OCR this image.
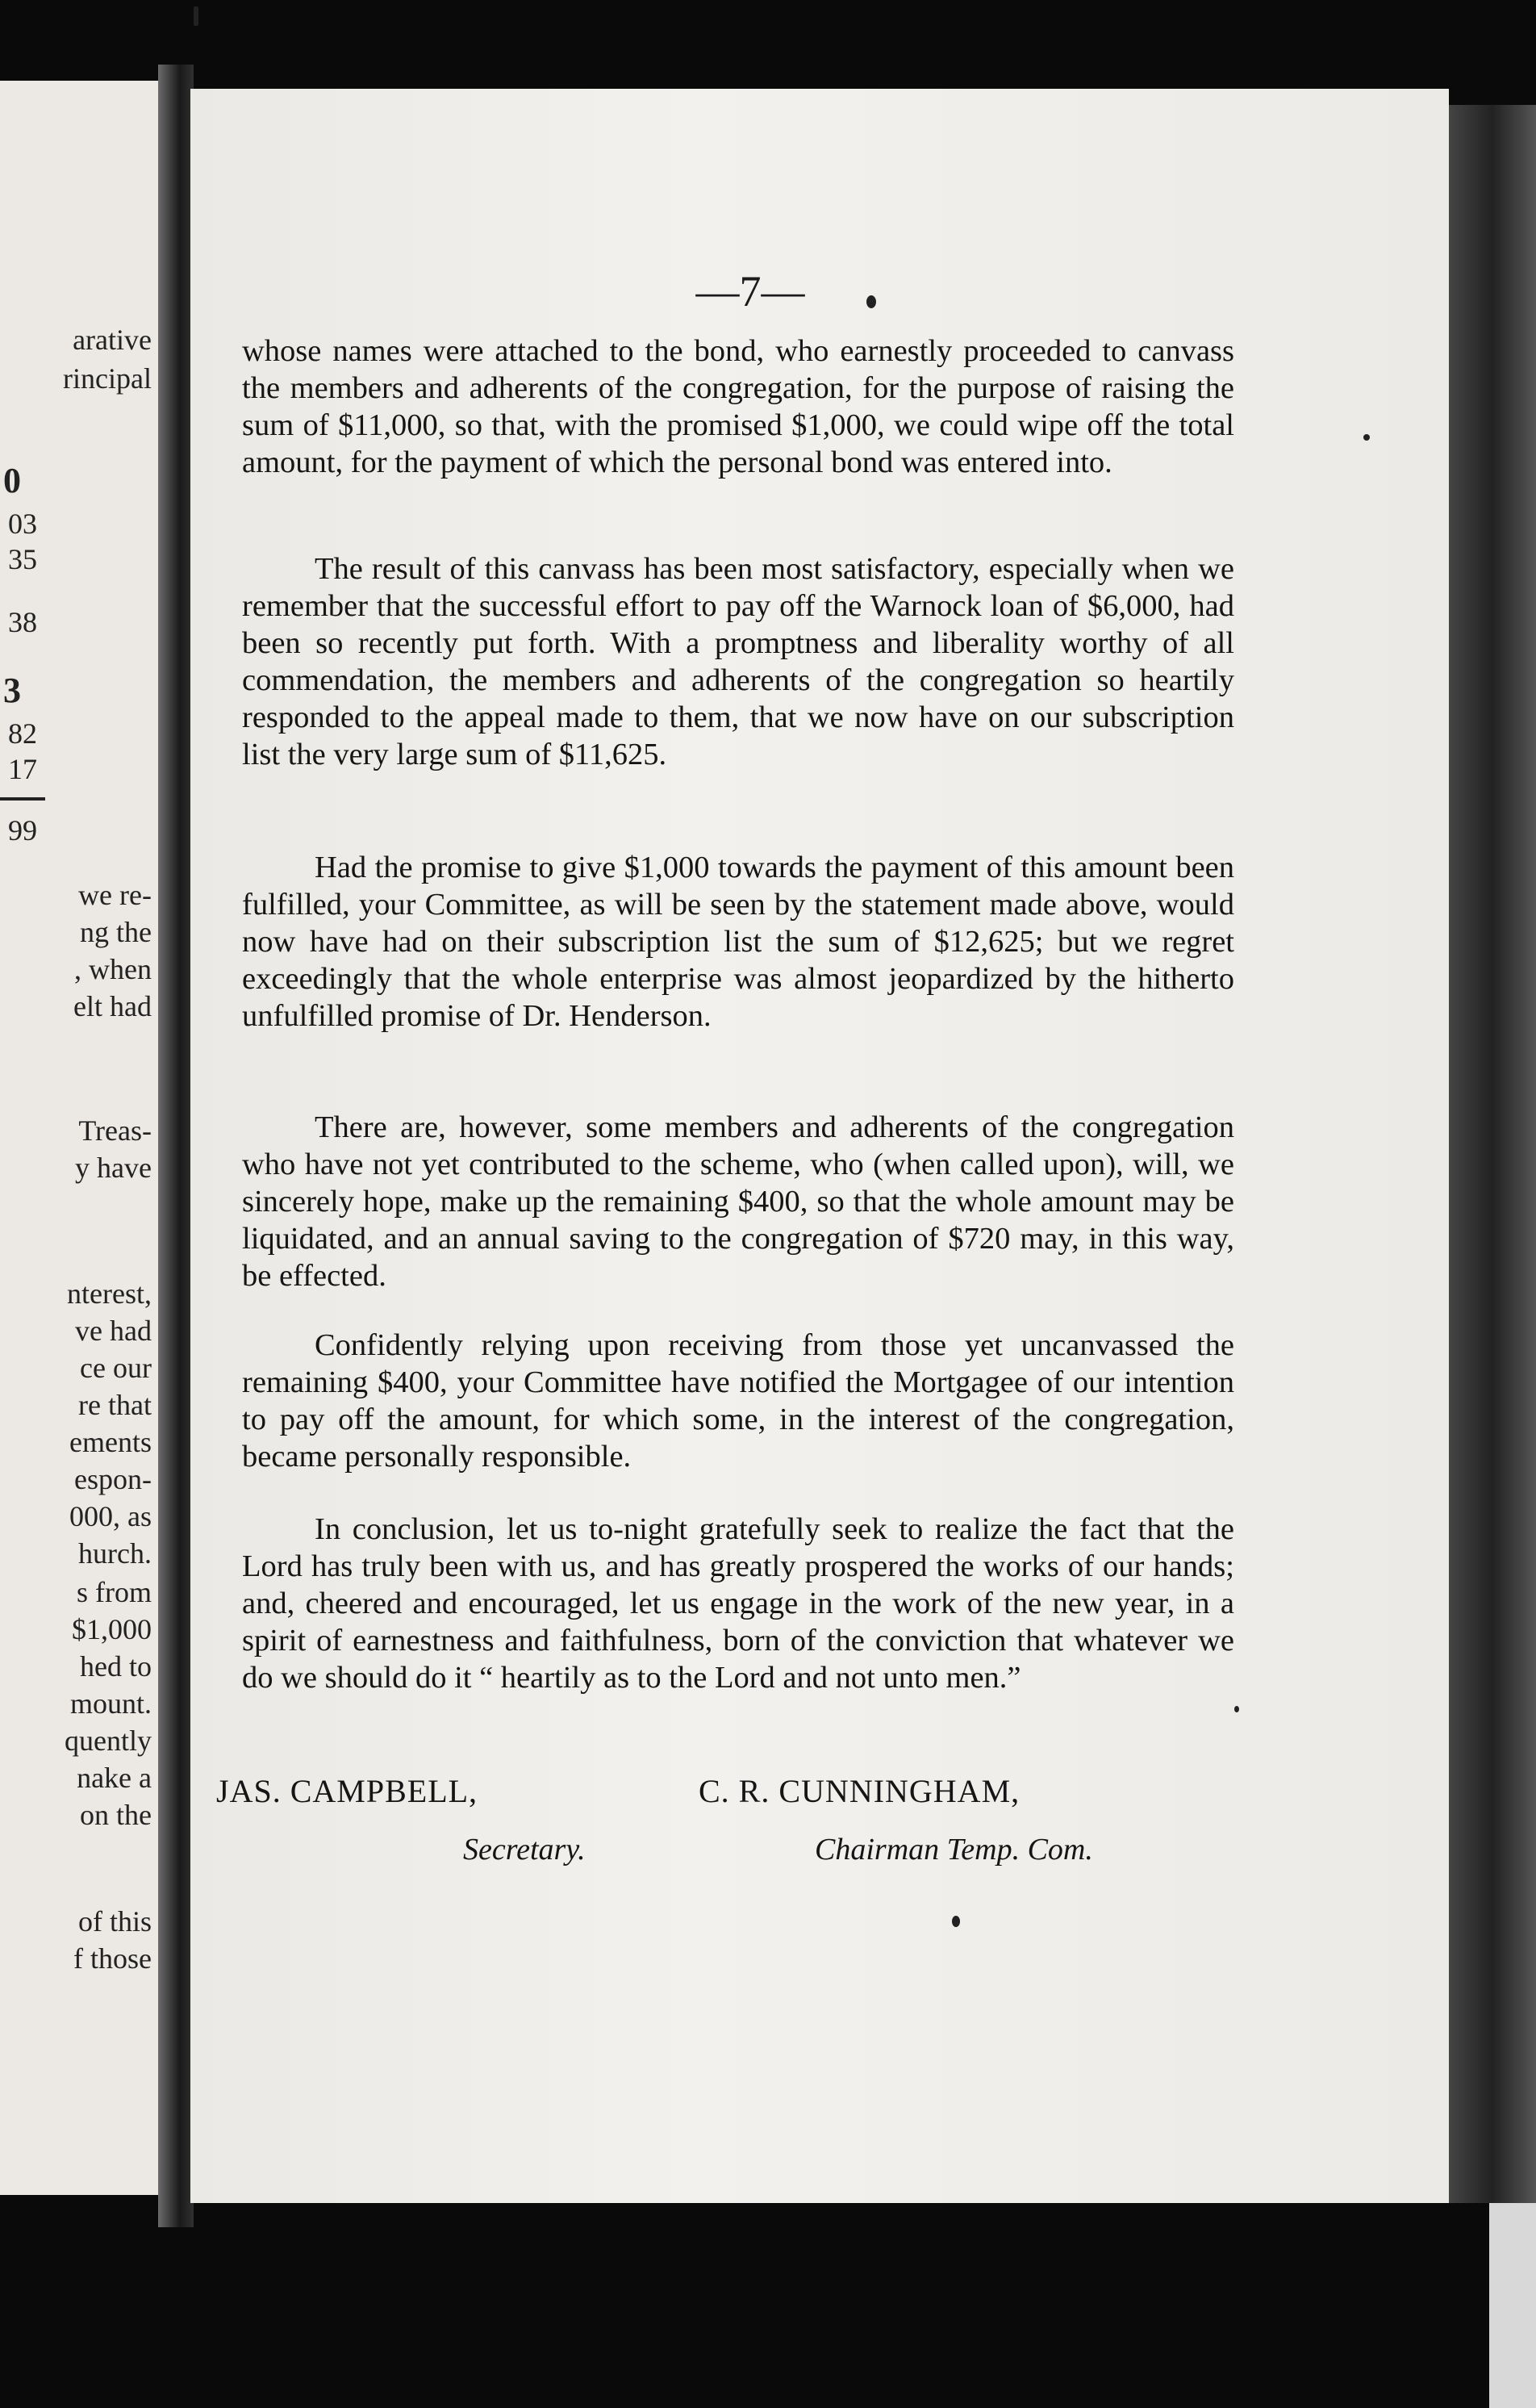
arative
rincipal
0
03
35
38
3
82
17
99
we re-
ng the
, when
elt had
Treas-
y have
nterest,
ve had
ce our
re that
ements
espon-
000, as
hurch.
s from
$1,000
hed to
mount.
quently
nake a
on the
of this
f those
—7—

whose names were attached to the bond, who earnestly proceeded to canvass the members and adherents of the congregation, for the purpose of raising the sum of $11,000, so that, with the promised $1,000, we could wipe off the total amount, for the payment of which the personal bond was entered into.

The result of this canvass has been most satisfactory, especially when we remember that the successful effort to pay off the Warnock loan of $6,000, had been so recently put forth. With a promptness and liberality worthy of all commendation, the members and adherents of the congregation so heartily responded to the appeal made to them, that we now have on our subscription list the very large sum of $11,625.

Had the promise to give $1,000 towards the payment of this amount been fulfilled, your Committee, as will be seen by the statement made above, would now have had on their subscription list the sum of $12,625; but we regret exceedingly that the whole enterprise was almost jeopardized by the hitherto unfulfilled promise of Dr. Henderson.

There are, however, some members and adherents of the congregation who have not yet contributed to the scheme, who (when called upon), will, we sincerely hope, make up the remaining $400, so that the whole amount may be liquidated, and an annual saving to the congregation of $720 may, in this way, be effected.

Confidently relying upon receiving from those yet uncanvassed the remaining $400, your Committee have notified the Mortgagee of our intention to pay off the amount, for which some, in the interest of the congregation, became personally responsible.

In conclusion, let us to-night gratefully seek to realize the fact that the Lord has truly been with us, and has greatly prospered the works of our hands; and, cheered and encouraged, let us engage in the work of the new year, in a spirit of earnestness and faithfulness, born of the conviction that whatever we do we should do it “ heartily as to the Lord and not unto men.”

JAS. CAMPBELL,
Secretary.
C. R. CUNNINGHAM,
Chairman Temp. Com.
